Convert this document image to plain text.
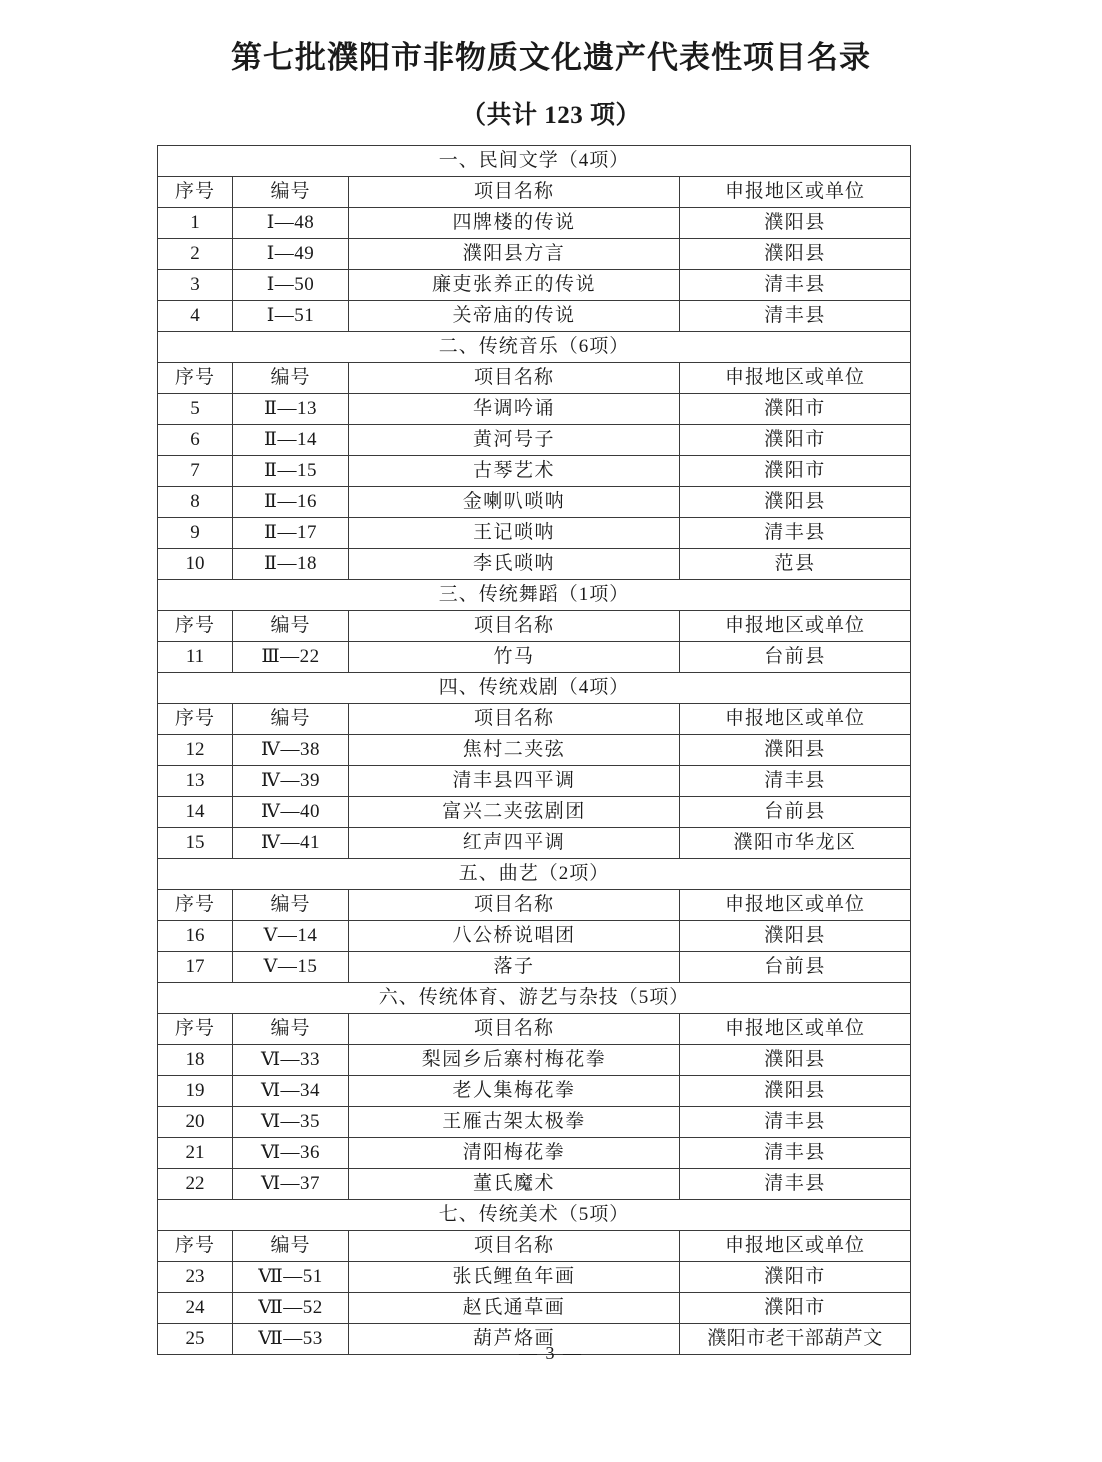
第七批濮阳市非物质文化遗产代表性项目名录
（共计 123 项）
一、民间文学（4项）			
序号	编号	项目名称	申报地区或单位
1	Ⅰ—48	四牌楼的传说	濮阳县
2	Ⅰ—49	濮阳县方言	濮阳县
3	Ⅰ—50	廉吏张养正的传说	清丰县
4	Ⅰ—51	关帝庙的传说	清丰县
二、传统音乐（6项）			
序号	编号	项目名称	申报地区或单位
5	Ⅱ—13	华调吟诵	濮阳市
6	Ⅱ—14	黄河号子	濮阳市
7	Ⅱ—15	古琴艺术	濮阳市
8	Ⅱ—16	金喇叭唢呐	濮阳县
9	Ⅱ—17	王记唢呐	清丰县
10	Ⅱ—18	李氏唢呐	范县
三、传统舞蹈（1项）			
序号	编号	项目名称	申报地区或单位
11	Ⅲ—22	竹马	台前县
四、传统戏剧（4项）			
序号	编号	项目名称	申报地区或单位
12	Ⅳ—38	焦村二夹弦	濮阳县
13	Ⅳ—39	清丰县四平调	清丰县
14	Ⅳ—40	富兴二夹弦剧团	台前县
15	Ⅳ—41	红声四平调	濮阳市华龙区
五、曲艺（2项）			
序号	编号	项目名称	申报地区或单位
16	Ⅴ—14	八公桥说唱团	濮阳县
17	Ⅴ—15	落子	台前县
六、传统体育、游艺与杂技（5项）			
序号	编号	项目名称	申报地区或单位
18	Ⅵ—33	梨园乡后寨村梅花拳	濮阳县
19	Ⅵ—34	老人集梅花拳	濮阳县
20	Ⅵ—35	王雁古架太极拳	清丰县
21	Ⅵ—36	清阳梅花拳	清丰县
22	Ⅵ—37	董氏魔术	清丰县
七、传统美术（5项）			
序号	编号	项目名称	申报地区或单位
23	Ⅶ—51	张氏鲤鱼年画	濮阳市
24	Ⅶ—52	赵氏通草画	濮阳市
25	Ⅶ—53	葫芦烙画	濮阳市老干部葫芦文
— 3 —
